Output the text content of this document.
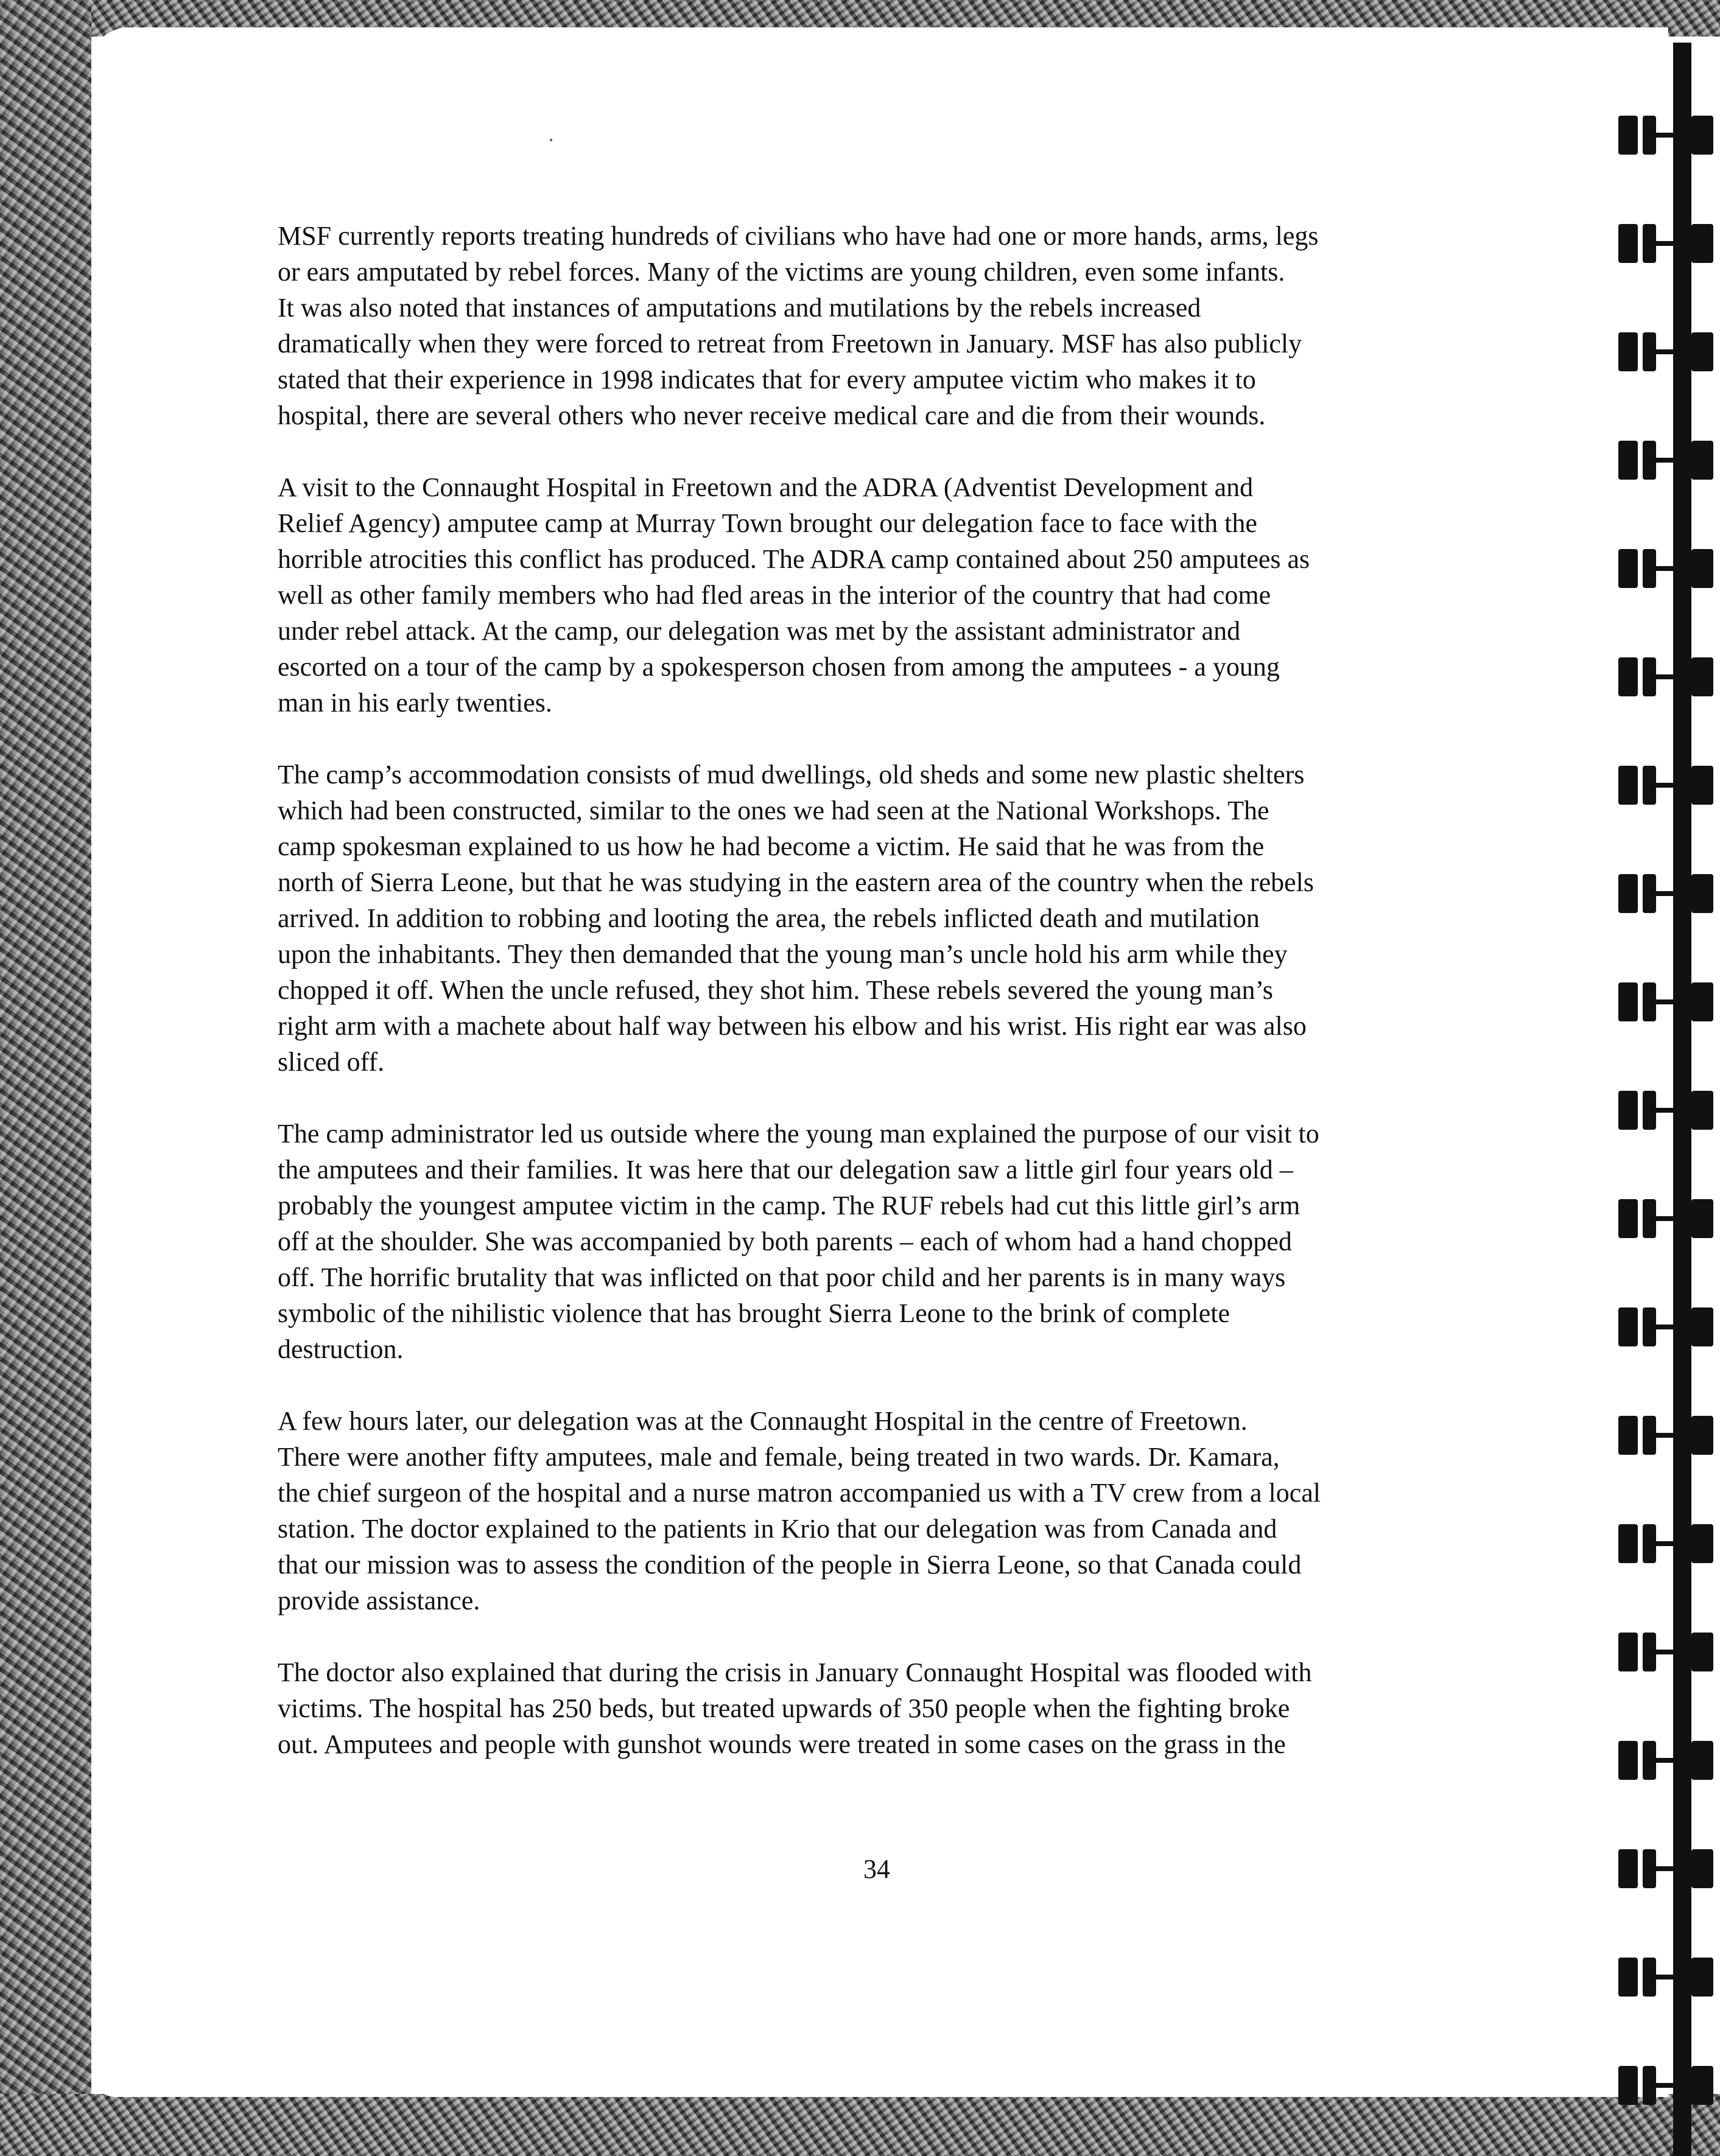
MSF currently reports treating hundreds of civilians who have had one or more hands, arms, legs
or ears amputated by rebel forces. Many of the victims are young children, even some infants.
It was also noted that instances of amputations and mutilations by the rebels increased
dramatically when they were forced to retreat from Freetown in January. MSF has also publicly
stated that their experience in 1998 indicates that for every amputee victim who makes it to
hospital, there are several others who never receive medical care and die from their wounds.

A visit to the Connaught Hospital in Freetown and the ADRA (Adventist Development and
Relief Agency) amputee camp at Murray Town brought our delegation face to face with the
horrible atrocities this conflict has produced. The ADRA camp contained about 250 amputees as
well as other family members who had fled areas in the interior of the country that had come
under rebel attack. At the camp, our delegation was met by the assistant administrator and
escorted on a tour of the camp by a spokesperson chosen from among the amputees - a young
man in his early twenties.

The camp’s accommodation consists of mud dwellings, old sheds and some new plastic shelters
which had been constructed, similar to the ones we had seen at the National Workshops. The
camp spokesman explained to us how he had become a victim. He said that he was from the
north of Sierra Leone, but that he was studying in the eastern area of the country when the rebels
arrived. In addition to robbing and looting the area, the rebels inflicted death and mutilation
upon the inhabitants. They then demanded that the young man’s uncle hold his arm while they
chopped it off. When the uncle refused, they shot him. These rebels severed the young man’s
right arm with a machete about half way between his elbow and his wrist. His right ear was also
sliced off.

The camp administrator led us outside where the young man explained the purpose of our visit to
the amputees and their families. It was here that our delegation saw a little girl four years old –
probably the youngest amputee victim in the camp. The RUF rebels had cut this little girl’s arm
off at the shoulder. She was accompanied by both parents – each of whom had a hand chopped
off. The horrific brutality that was inflicted on that poor child and her parents is in many ways
symbolic of the nihilistic violence that has brought Sierra Leone to the brink of complete
destruction.

A few hours later, our delegation was at the Connaught Hospital in the centre of Freetown.
There were another fifty amputees, male and female, being treated in two wards. Dr. Kamara,
the chief surgeon of the hospital and a nurse matron accompanied us with a TV crew from a local
station. The doctor explained to the patients in Krio that our delegation was from Canada and
that our mission was to assess the condition of the people in Sierra Leone, so that Canada could
provide assistance.

The doctor also explained that during the crisis in January Connaught Hospital was flooded with
victims. The hospital has 250 beds, but treated upwards of 350 people when the fighting broke
out. Amputees and people with gunshot wounds were treated in some cases on the grass in the

34
